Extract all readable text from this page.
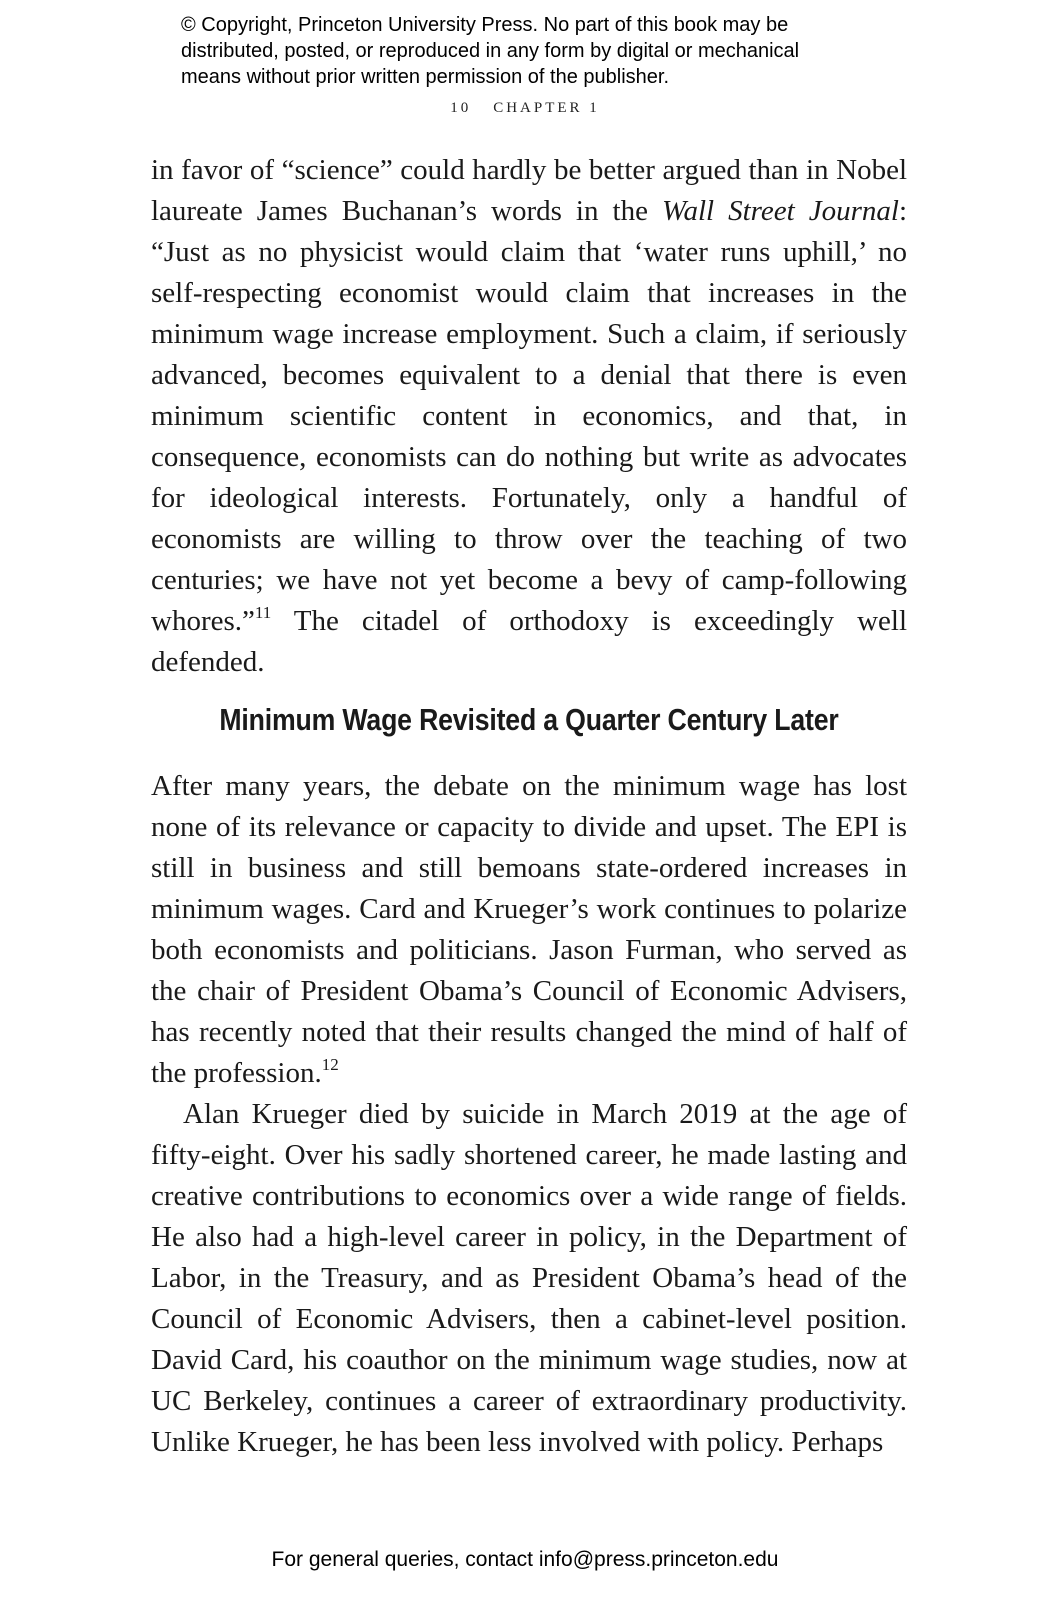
© Copyright, Princeton University Press. No part of this book may be
distributed, posted, or reproduced in any form by digital or mechanical
means without prior written permission of the publisher.
10 CHAPTER 1

in favor of “science” could hardly be better argued than in Nobel laureate James Buchanan’s words in the Wall Street Journal: “Just as no physicist would claim that ‘water runs uphill,’ no self-respecting economist would claim that increases in the minimum wage increase employment. Such a claim, if seriously advanced, becomes equivalent to a denial that there is even minimum scientific content in economics, and that, in consequence, economists can do nothing but write as advocates for ideological interests. Fortunately, only a handful of economists are willing to throw over the teaching of two centuries; we have not yet become a bevy of camp-following whores.”$^{11}$ The citadel of orthodoxy is exceedingly well defended.

Minimum Wage Revisited a Quarter Century Later

After many years, the debate on the minimum wage has lost none of its relevance or capacity to divide and upset. The EPI is still in business and still bemoans state-ordered increases in minimum wages. Card and Krueger’s work continues to polarize both economists and politicians. Jason Furman, who served as the chair of President Obama’s Council of Economic Advisers, has recently noted that their results changed the mind of half of the profession.$^{12}$

Alan Krueger died by suicide in March 2019 at the age of fifty-eight. Over his sadly shortened career, he made lasting and creative contributions to economics over a wide range of fields. He also had a high-level career in policy, in the Department of Labor, in the Treasury, and as President Obama’s head of the Council of Economic Advisers, then a cabinet-level position. David Card, his coauthor on the minimum wage studies, now at UC Berkeley, continues a career of extraordinary productivity. Unlike Krueger, he has been less involved with policy. Perhaps

For general queries, contact info@press.princeton.edu
